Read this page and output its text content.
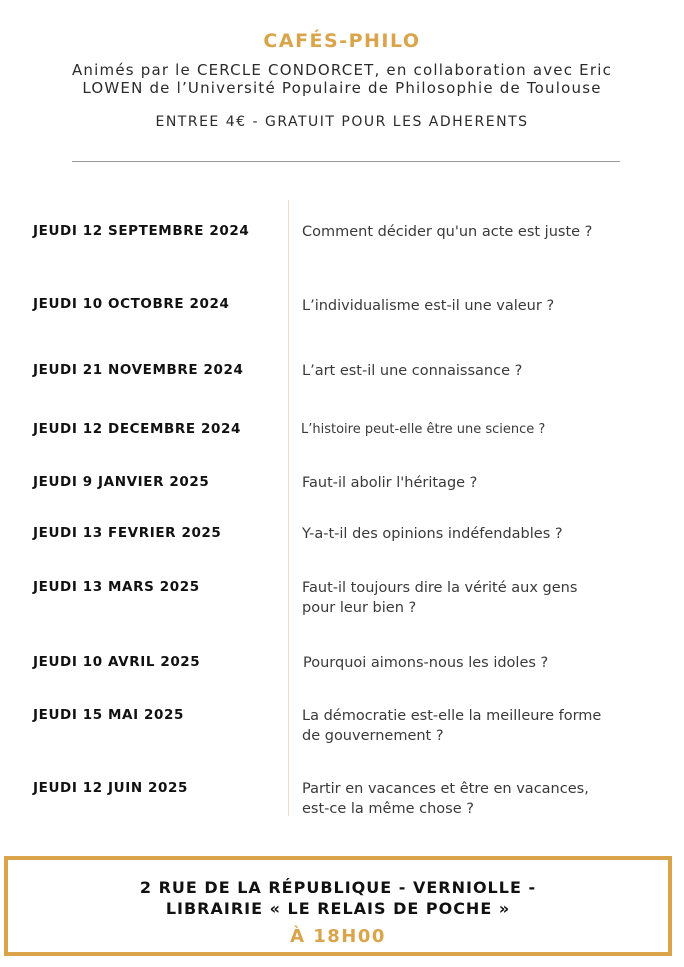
CAFÉS-PHILO
Animés par le CERCLE CONDORCET, en collaboration avec Eric
LOWEN de l’Université Populaire de Philosophie de Toulouse
ENTREE 4€ - GRATUIT POUR LES ADHERENTS
JEUDI 12 SEPTEMBRE 2024	Comment décider qu'un acte est juste ?
JEUDI 10 OCTOBRE 2024	L’individualisme est-il une valeur ?
JEUDI 21 NOVEMBRE 2024	L’art est-il une connaissance ?
JEUDI 12 DECEMBRE 2024	L’histoire peut-elle être une science ?
JEUDI 9 JANVIER 2025	Faut-il abolir l'héritage ?
JEUDI 13 FEVRIER 2025	Y-a-t-il des opinions indéfendables ?
JEUDI 13 MARS 2025	Faut-il toujours dire la vérité aux gens
pour leur bien ?
JEUDI 10 AVRIL 2025	Pourquoi aimons-nous les idoles ?
JEUDI 15 MAI 2025	La démocratie est-elle la meilleure forme
de gouvernement ?
JEUDI 12 JUIN 2025	Partir en vacances et être en vacances,
est-ce la même chose ?
2 RUE DE LA RÉPUBLIQUE - VERNIOLLE -
LIBRAIRIE « LE RELAIS DE POCHE »
À 18H00
